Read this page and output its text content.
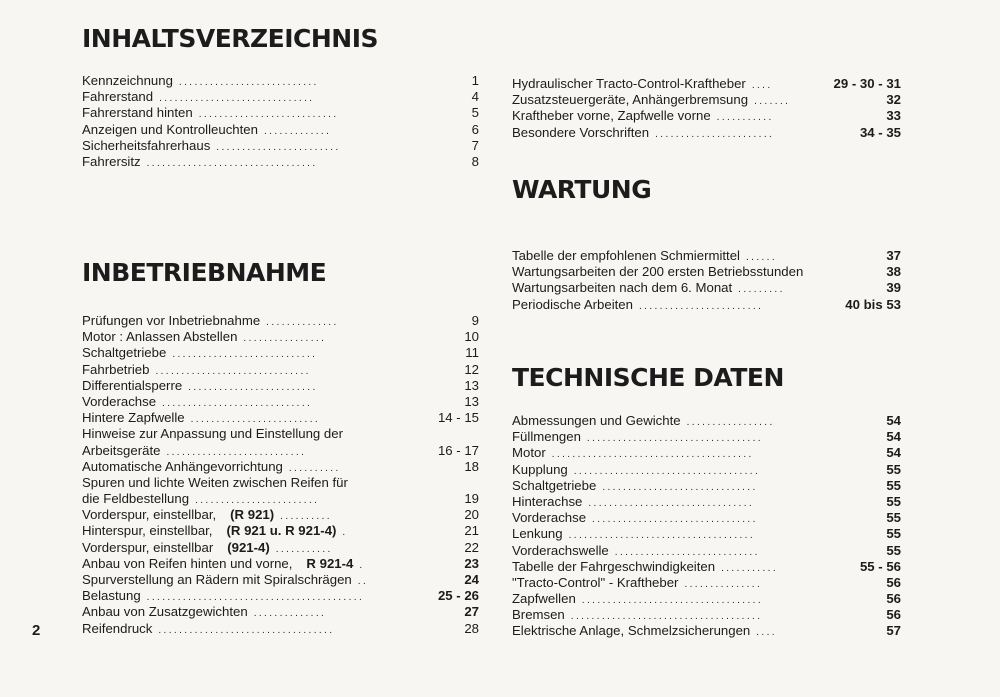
INHALTSVERZEICHNIS
Kennzeichnung ...........................	1
Fahrerstand ..............................	4
Fahrerstand hinten ...........................	5
Anzeigen und Kontrolleuchten .............	6
Sicherheitsfahrerhaus ........................	7
Fahrersitz .................................	8
INBETRIEBNAHME
Prüfungen vor Inbetriebnahme ..............	9
Motor : Anlassen Abstellen ................	10
Schaltgetriebe ............................	11
Fahrbetrieb ..............................	12
Differentialsperre .........................	13
Vorderachse .............................	13
Hintere Zapfwelle .........................	14 - 15
Hinweise zur Anpassung und Einstellung der
Arbeitsgeräte ...........................	16 - 17
Automatische Anhängevorrichtung ..........	18
Spuren und lichte Weiten zwischen Reifen für
die Feldbestellung ........................	19
Vorderspur, einstellbar, (R 921) ..........	20
Hinterspur, einstellbar, (R 921 u. R 921-4) .	21
Vorderspur, einstellbar (921-4) ...........	22
Anbau von Reifen hinten und vorne, R 921-4 .	23
Spurverstellung an Rädern mit Spiralschrägen ..	24
Belastung ..........................................	25 - 26
Anbau von Zusatzgewichten ..............	27
Reifendruck ..................................	28
Hydraulischer Tracto-Control-Kraftheber ....	29 - 30 - 31
Zusatzsteuergeräte, Anhängerbremsung .......	32
Kraftheber vorne, Zapfwelle vorne ...........	33
Besondere Vorschriften .......................	34 - 35
WARTUNG
Tabelle der empfohlenen Schmiermittel ......	37
Wartungsarbeiten der 200 ersten Betriebsstunden	38
Wartungsarbeiten nach dem 6. Monat .........	39
Periodische Arbeiten ........................	40 bis 53
TECHNISCHE DATEN
Abmessungen und Gewichte .................	54
Füllmengen ..................................	54
Motor .......................................	54
Kupplung ....................................	55
Schaltgetriebe ..............................	55
Hinterachse ................................	55
Vorderachse ................................	55
Lenkung ....................................	55
Vorderachswelle ............................	55
Tabelle der Fahrgeschwindigkeiten ...........	55 - 56
"Tracto-Control" - Kraftheber ...............	56
Zapfwellen ...................................	56
Bremsen .....................................	56
Elektrische Anlage, Schmelzsicherungen ....	57

2
